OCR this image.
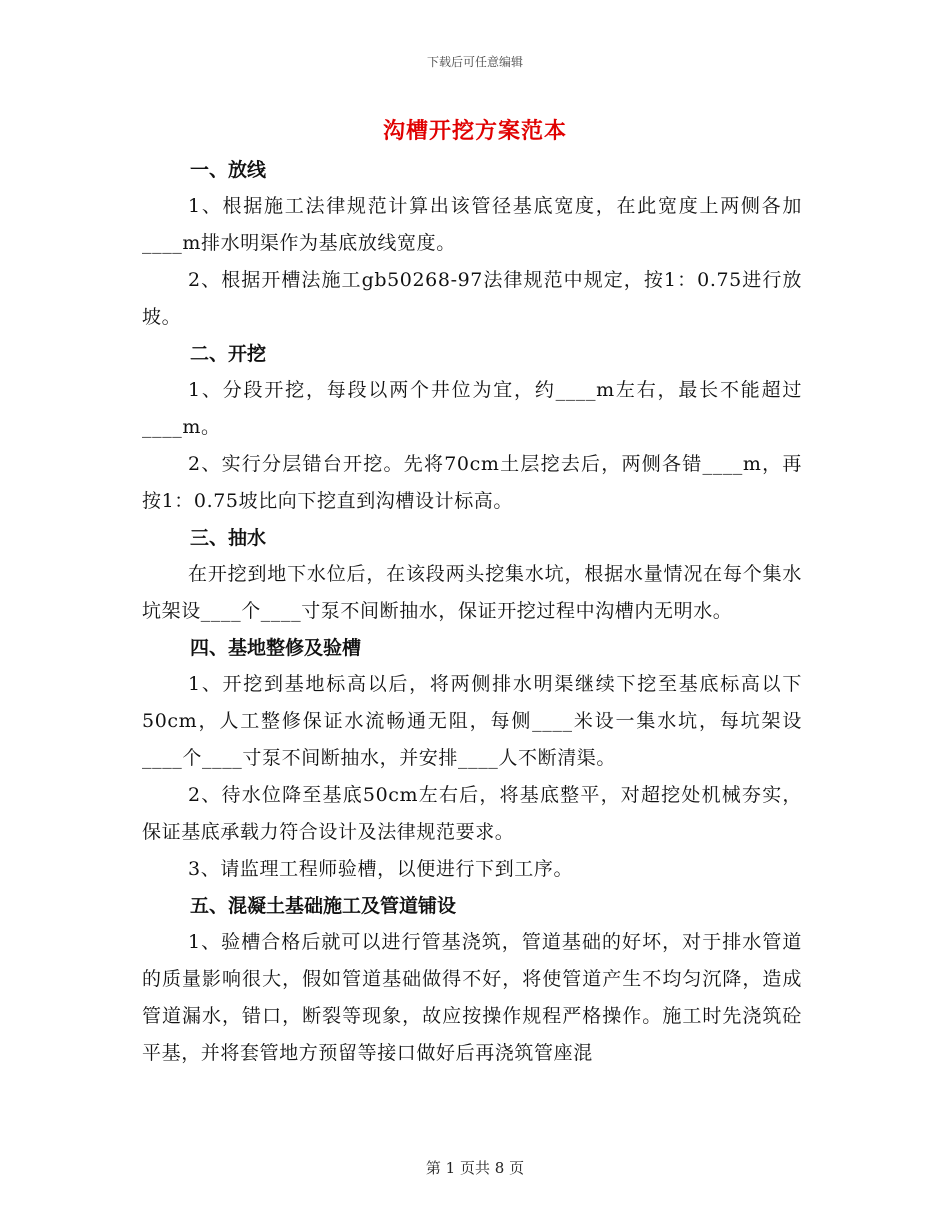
下载后可任意编辑
沟槽开挖方案范本

一、放线

1、根据施工法律规范计算出该管径基底宽度，在此宽度上两侧各加____m排水明渠作为基底放线宽度。

2、根据开槽法施工gb50268-97法律规范中规定，按1：0.75进行放坡。

二、开挖

1、分段开挖，每段以两个井位为宜，约____m左右，最长不能超过____m。

2、实行分层错台开挖。先将70cm土层挖去后，两侧各错____m，再按1：0.75坡比向下挖直到沟槽设计标高。

三、抽水

在开挖到地下水位后，在该段两头挖集水坑，根据水量情况在每个集水坑架设____个____寸泵不间断抽水，保证开挖过程中沟槽内无明水。

四、基地整修及验槽

1、开挖到基地标高以后，将两侧排水明渠继续下挖至基底标高以下50cm，人工整修保证水流畅通无阻，每侧____米设一集水坑，每坑架设____个____寸泵不间断抽水，并安排____人不断清渠。

2、待水位降至基底50cm左右后，将基底整平，对超挖处机械夯实，保证基底承载力符合设计及法律规范要求。

3、请监理工程师验槽，以便进行下到工序。

五、混凝土基础施工及管道铺设

1、验槽合格后就可以进行管基浇筑，管道基础的好坏，对于排水管道的质量影响很大，假如管道基础做得不好，将使管道产生不均匀沉降，造成管道漏水，错口，断裂等现象，故应按操作规程严格操作。施工时先浇筑砼平基，并将套管地方预留等接口做好后再浇筑管座混

第 1 页共 8 页
